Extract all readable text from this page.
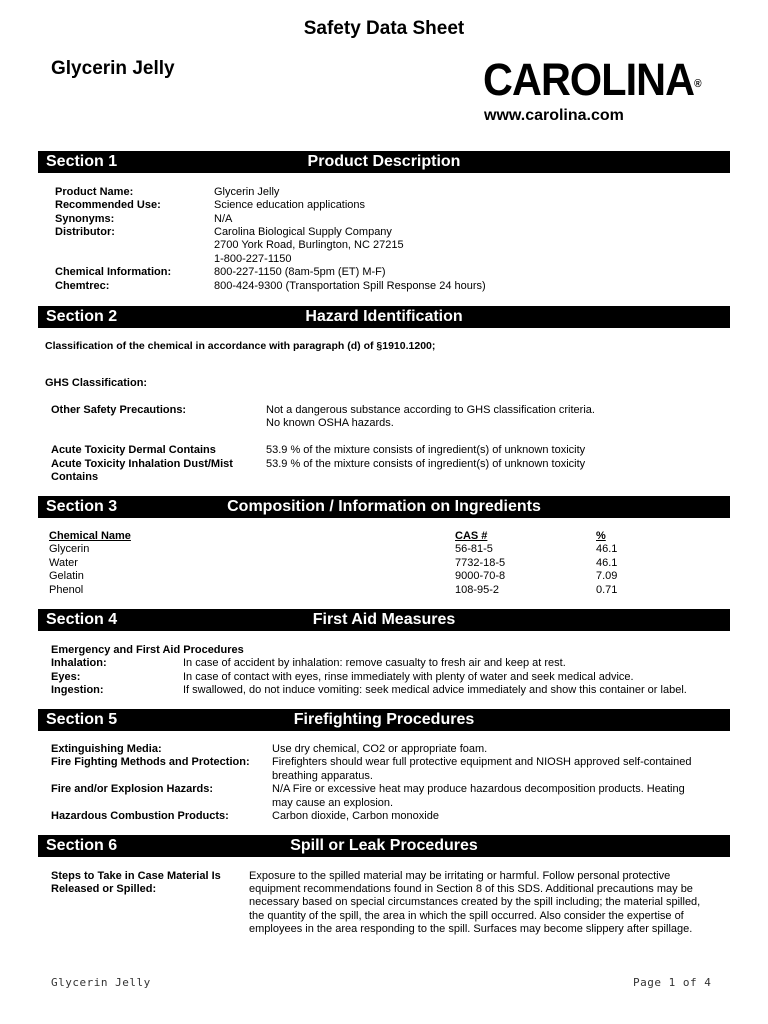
Safety Data Sheet
Glycerin Jelly	CAROLINA®
www.carolina.com
Section 1	Product Description
Product Name:	Glycerin Jelly
Recommended Use:	Science education applications
Synonyms:	N/A
Distributor:	Carolina Biological Supply Company
2700 York Road, Burlington, NC 27215
1-800-227-1150
Chemical Information:	800-227-1150 (8am-5pm (ET) M-F)
Chemtrec:	800-424-9300 (Transportation Spill Response 24 hours)
Section 2	Hazard Identification
Classification of the chemical in accordance with paragraph (d) of §1910.1200;
GHS Classification:
Other Safety Precautions:	Not a dangerous substance according to GHS classification criteria.
No known OSHA hazards.
Acute Toxicity Dermal Contains	53.9 % of the mixture consists of ingredient(s) of unknown toxicity
Acute Toxicity Inhalation Dust/Mist	53.9 % of the mixture consists of ingredient(s) of unknown toxicity
Contains
Section 3	Composition / Information on Ingredients
Chemical Name	CAS #	%
Glycerin	56-81-5	46.1
Water	7732-18-5	46.1
Gelatin	9000-70-8	7.09
Phenol	108-95-2	0.71
Section 4	First Aid Measures
Emergency and First Aid Procedures
Inhalation:	In case of accident by inhalation: remove casualty to fresh air and keep at rest.
Eyes:	In case of contact with eyes, rinse immediately with plenty of water and seek medical advice.
Ingestion:	If swallowed, do not induce vomiting: seek medical advice immediately and show this container or label.
Section 5	Firefighting Procedures
Extinguishing Media:	Use dry chemical, CO2 or appropriate foam.
Fire Fighting Methods and Protection: Firefighters should wear full protective equipment and NIOSH approved self-contained
breathing apparatus.
Fire and/or Explosion Hazards:	N/A Fire or excessive heat may produce hazardous decomposition products. Heating
may cause an explosion.
Hazardous Combustion Products:	Carbon dioxide, Carbon monoxide
Section 6	Spill or Leak Procedures
Steps to Take in Case Material Is
Released or Spilled:
Exposure to the spilled material may be irritating or harmful. Follow personal protective
equipment recommendations found in Section 8 of this SDS. Additional precautions may be
necessary based on special circumstances created by the spill including; the material spilled,
the quantity of the spill, the area in which the spill occurred. Also consider the expertise of
employees in the area responding to the spill. Surfaces may become slippery after spillage.
Glycerin Jelly	Page 1 of 4
